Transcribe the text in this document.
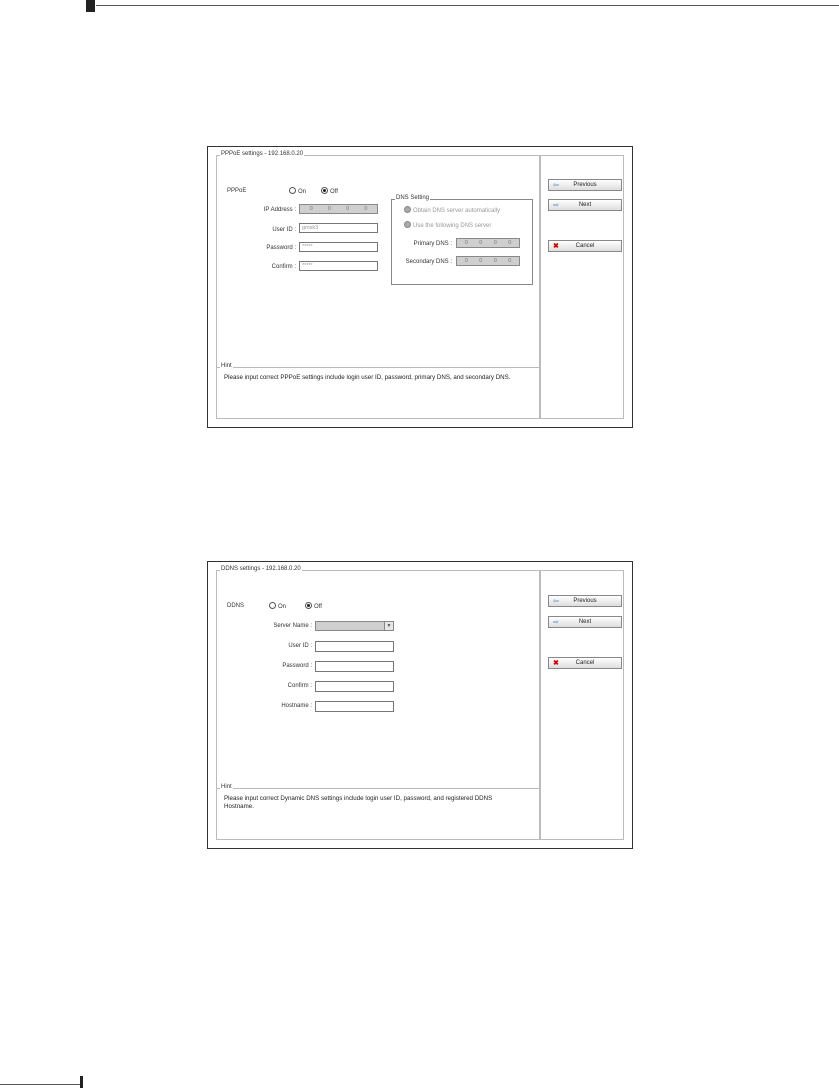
PPPoE settings - 192.168.0.20
PPPoE	On	Off
IP Address :	0	0	0	0
User ID :	gmsk3
Password :	*****
Confirm :	*****
DNS Setting
Obtain DNS server automatically
Use the following DNS server
Primary DNS :	0 0 0 0
Secondary DNS :	0 0 0 0
Hint
Please input correct PPPoE settings include login user ID, password, primary DNS, and secondary DNS.
⇦	Previous
⇨	Next
✖	Cancel
DDNS settings - 192.168.0.20
DDNS	On	Off
Server Name :	▼
User ID :
Password :
Confirm :
Hostname :
Hint
Please input correct Dynamic DNS settings include login user ID, password, and registered DDNS Hostname.
⇦	Previous
⇨	Next
✖	Cancel
